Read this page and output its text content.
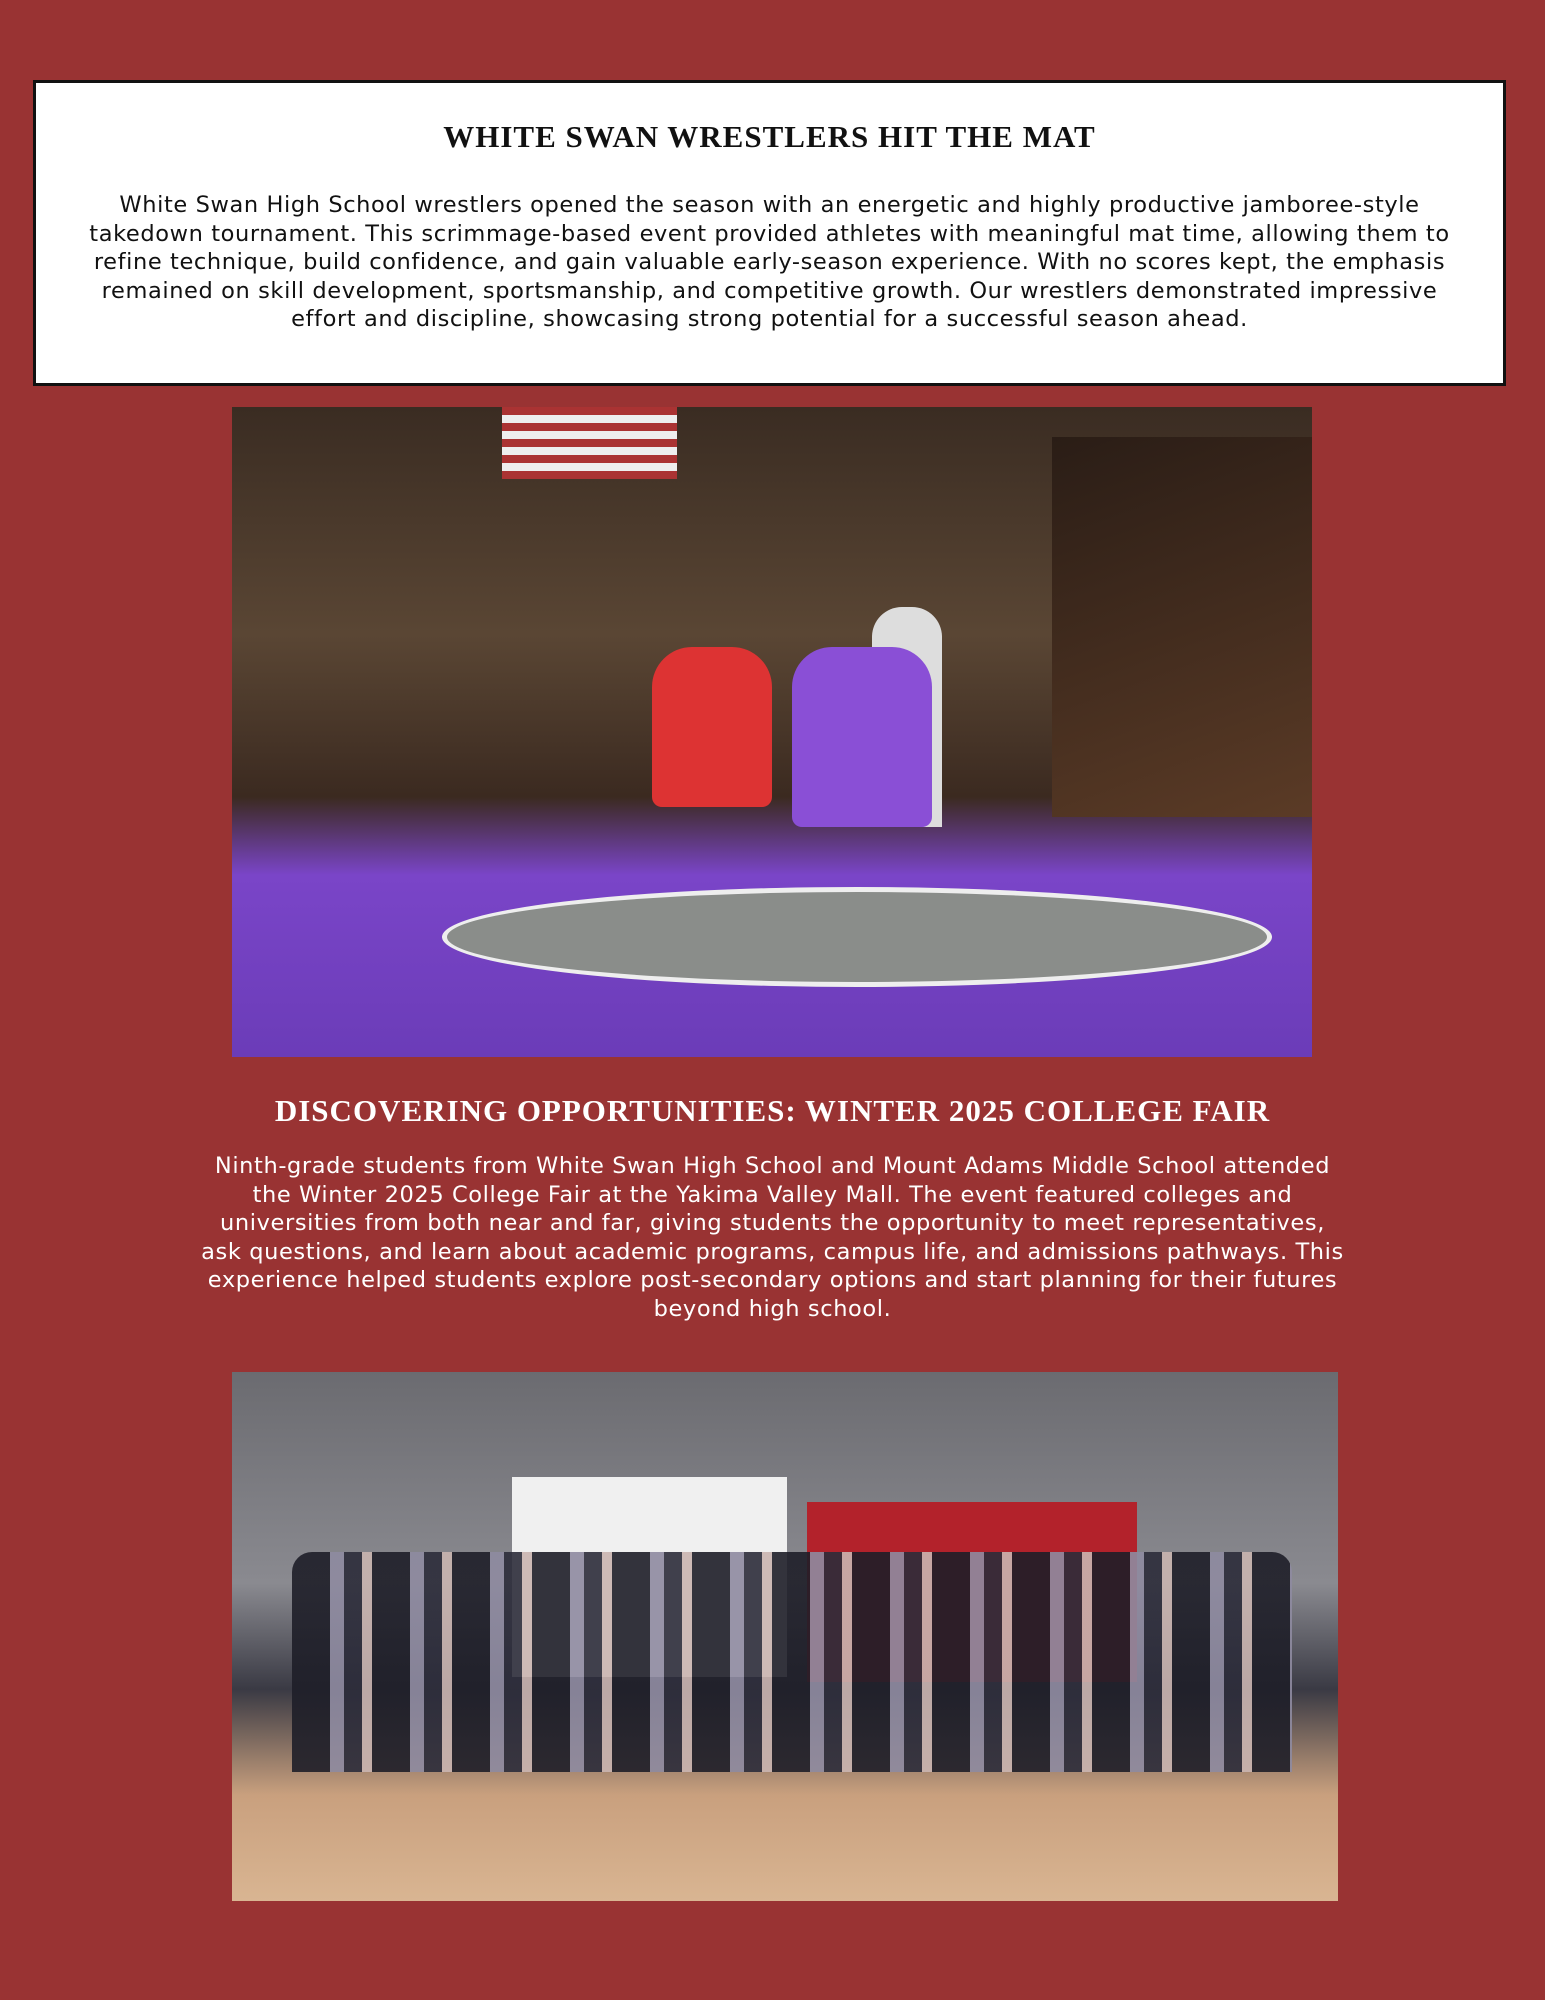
WHITE SWAN WRESTLERS HIT THE MAT
White Swan High School wrestlers opened the season with an energetic and highly productive jamboree-style takedown tournament. This scrimmage-based event provided athletes with meaningful mat time, allowing them to refine technique, build confidence, and gain valuable early-season experience. With no scores kept, the emphasis remained on skill development, sportsmanship, and competitive growth. Our wrestlers demonstrated impressive effort and discipline, showcasing strong potential for a successful season ahead.
DISCOVERING OPPORTUNITIES: WINTER 2025 COLLEGE FAIR
Ninth-grade students from White Swan High School and Mount Adams Middle School attended the Winter 2025 College Fair at the Yakima Valley Mall. The event featured colleges and universities from both near and far, giving students the opportunity to meet representatives, ask questions, and learn about academic programs, campus life, and admissions pathways. This experience helped students explore post-secondary options and start planning for their futures beyond high school.
